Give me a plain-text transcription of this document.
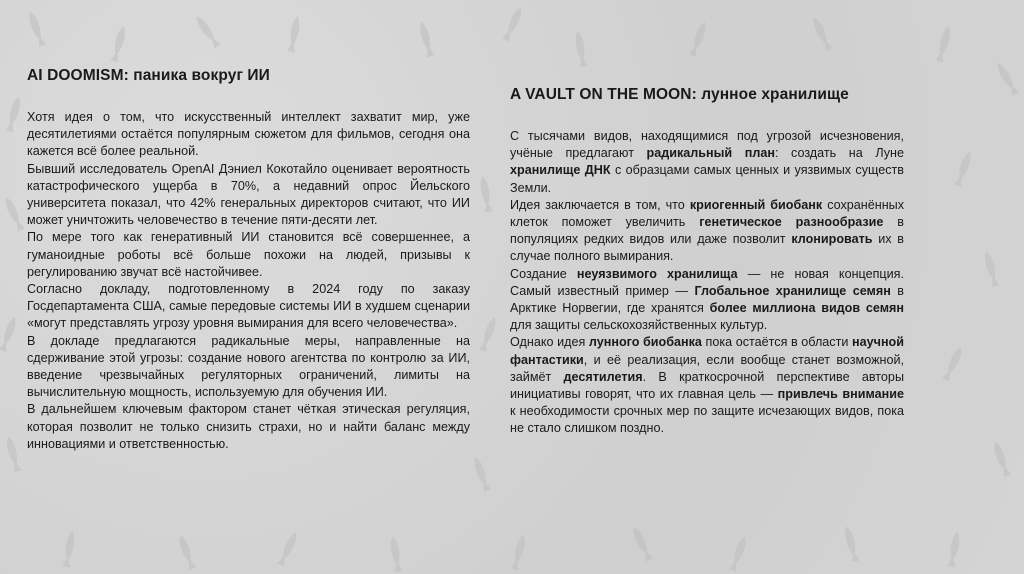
AI DOOMISM: паника вокруг ИИ

Хотя идея о том, что искусственный интеллект захватит мир, уже десятилетиями остаётся популярным сюжетом для фильмов, сегодня она кажется всё более реальной.

Бывший исследователь OpenAI Дэниел Кокотайло оценивает вероятность катастрофического ущерба в 70%, а недавний опрос Йельского университета показал, что 42% генеральных директоров считают, что ИИ может уничтожить человечество в течение пяти-десяти лет.

По мере того как генеративный ИИ становится всё совершеннее, а гуманоидные роботы всё больше похожи на людей, призывы к регулированию звучат всё настойчивее.

Согласно докладу, подготовленному в 2024 году по заказу Госдепартамента США, самые передовые системы ИИ в худшем сценарии «могут представлять угрозу уровня вымирания для всего человечества».

В докладе предлагаются радикальные меры, направленные на сдерживание этой угрозы: создание нового агентства по контролю за ИИ, введение чрезвычайных регуляторных ограничений, лимиты на вычислительную мощность, используемую для обучения ИИ.

В дальнейшем ключевым фактором станет чёткая этическая регуляция, которая позволит не только снизить страхи, но и найти баланс между инновациями и ответственностью.

A VAULT ON THE MOON: лунное хранилище

С тысячами видов, находящимися под угрозой исчезновения, учёные предлагают радикальный план: создать на Луне хранилище ДНК с образцами самых ценных и уязвимых существ Земли.

Идея заключается в том, что криогенный биобанк сохранённых клеток поможет увеличить генетическое разнообразие в популяциях редких видов или даже позволит клонировать их в случае полного вымирания.

Создание неуязвимого хранилища — не новая концепция. Самый известный пример — Глобальное хранилище семян в Арктике Норвегии, где хранятся более миллиона видов семян для защиты сельскохозяйственных культур.

Однако идея лунного биобанка пока остаётся в области научной фантастики, и её реализация, если вообще станет возможной, займёт десятилетия. В краткосрочной перспективе авторы инициативы говорят, что их главная цель — привлечь внимание к необходимости срочных мер по защите исчезающих видов, пока не стало слишком поздно.
